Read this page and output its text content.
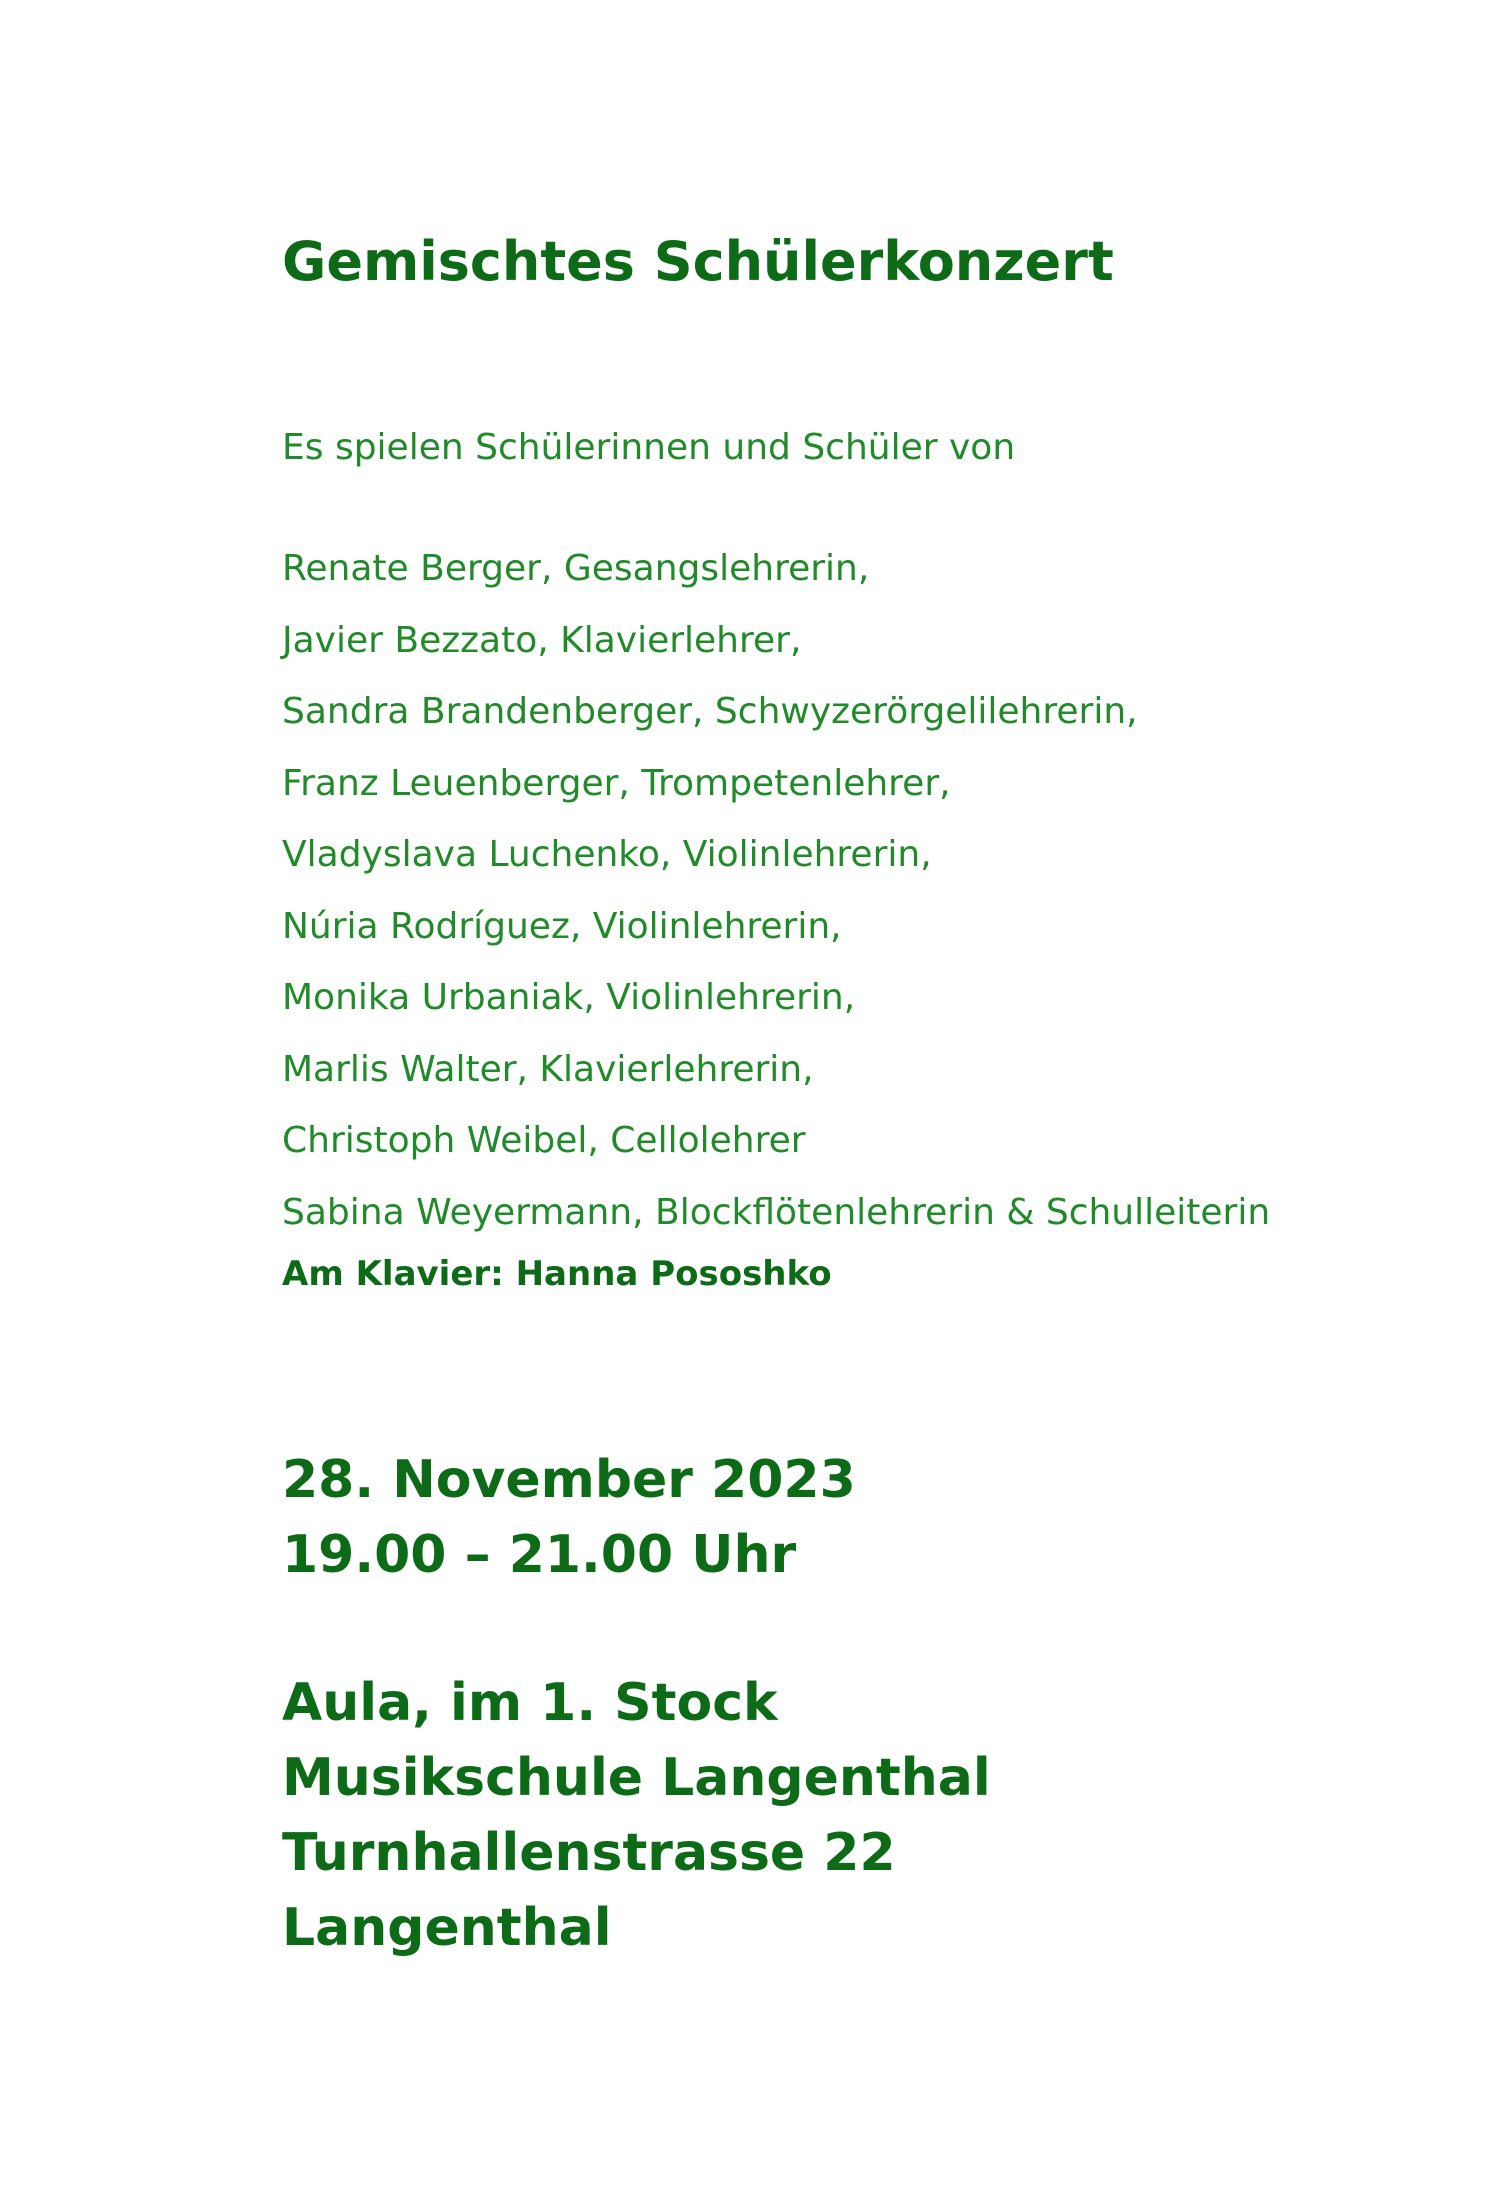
Gemischtes Schülerkonzert

Es spielen Schülerinnen und Schüler von

Renate Berger, Gesangslehrerin,
Javier Bezzato, Klavierlehrer,
Sandra Brandenberger, Schwyzerörgelilehrerin,
Franz Leuenberger, Trompetenlehrer,
Vladyslava Luchenko, Violinlehrerin,
Núria Rodríguez, Violinlehrerin,
Monika Urbaniak, Violinlehrerin,
Marlis Walter, Klavierlehrerin,
Christoph Weibel, Cellolehrer
Sabina Weyermann, Blockflötenlehrerin & Schulleiterin

Am Klavier: Hanna Pososhko

28. November 2023

19.00 – 21.00 Uhr

Aula, im 1. Stock

Musikschule Langenthal

Turnhallenstrasse 22

Langenthal
